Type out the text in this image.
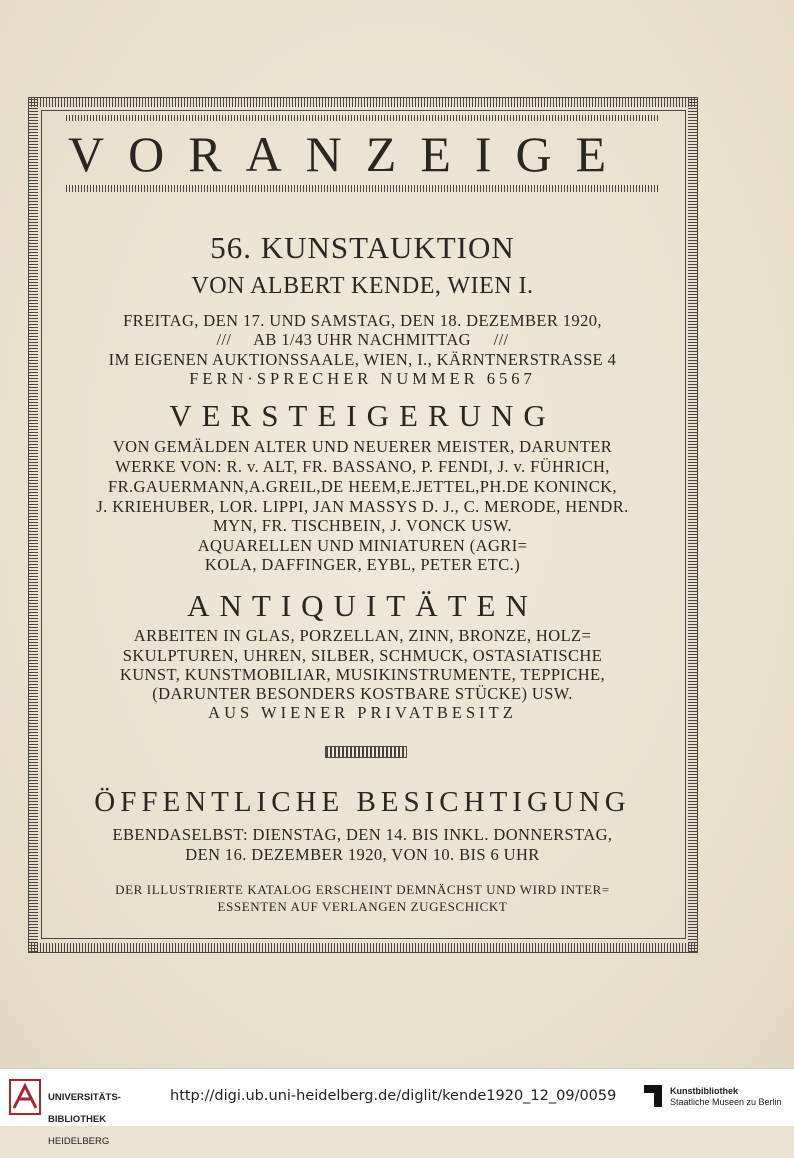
VORANZEIGE
56. KUNSTAUKTION
VON ALBERT KENDE, WIEN I.
FREITAG, DEN 17. UND SAMSTAG, DEN 18. DEZEMBER 1920,
///     AB 1/43 UHR NACHMITTAG     ///
IM EIGENEN AUKTIONSSAALE, WIEN, I., KÄRNTNERSTRASSE 4
FERN·SPRECHER NUMMER 6567
VERSTEIGERUNG
VON GEMÄLDEN ALTER UND NEUERER MEISTER, DARUNTER
WERKE VON: R. v. ALT, FR. BASSANO, P. FENDI, J. v. FÜHRICH,
FR.GAUERMANN,A.GREIL,DE HEEM,E.JETTEL,PH.DE KONINCK,
J. KRIEHUBER, LOR. LIPPI, JAN MASSYS D. J., C. MERODE, HENDR.
MYN, FR. TISCHBEIN, J. VONCK USW.
AQUARELLEN UND MINIATUREN (AGRI=
KOLA, DAFFINGER, EYBL, PETER ETC.)
ANTIQUITÄTEN
ARBEITEN IN GLAS, PORZELLAN, ZINN, BRONZE, HOLZ=
SKULPTUREN, UHREN, SILBER, SCHMUCK, OSTASIATISCHE
KUNST, KUNSTMOBILIAR, MUSIKINSTRUMENTE, TEPPICHE,
(DARUNTER BESONDERS KOSTBARE STÜCKE) USW.
AUS WIENER PRIVATBESITZ
ÖFFENTLICHE BESICHTIGUNG
EBENDASELBST: DIENSTAG, DEN 14. BIS INKL. DONNERSTAG,
DEN 16. DEZEMBER 1920, VON 10. BIS 6 UHR
DER ILLUSTRIERTE KATALOG ERSCHEINT DEMNÄCHST UND WIRD INTER=
ESSENTEN AUF VERLANGEN ZUGESCHICKT

UNIVERSITÄTS-

BIBLIOTHEK

HEIDELBERG

http://digi.ub.uni-heidelberg.de/diglit/kende1920_12_09/0059	Kunstbibliothek
Staatliche Museen zu Berlin
